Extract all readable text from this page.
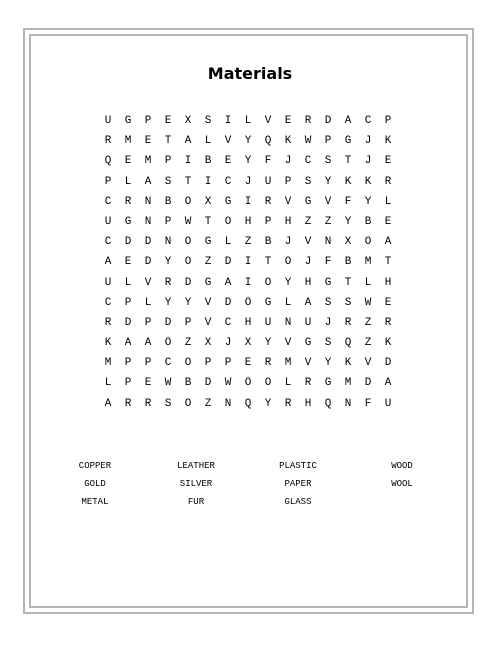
Materials
U	G	P	E	X	S	I	L	V	E	R	D	A	C	P
R	M	E	T	A	L	V	Y	Q	K	W	P	G	J	K
Q	E	M	P	I	B	E	Y	F	J	C	S	T	J	E
P	L	A	S	T	I	C	J	U	P	S	Y	K	K	R
C	R	N	B	O	X	G	I	R	V	G	V	F	Y	L
U	G	N	P	W	T	O	H	P	H	Z	Z	Y	B	E
C	D	D	N	O	G	L	Z	B	J	V	N	X	O	A
A	E	D	Y	O	Z	D	I	T	O	J	F	B	M	T
U	L	V	R	D	G	A	I	O	Y	H	G	T	L	H
C	P	L	Y	Y	V	D	O	G	L	A	S	S	W	E
R	D	P	D	P	V	C	H	U	N	U	J	R	Z	R
K	A	A	O	Z	X	J	X	Y	V	G	S	Q	Z	K
M	P	P	C	O	P	P	E	R	M	V	Y	K	V	D
L	P	E	W	B	D	W	O	O	L	R	G	M	D	A
A	R	R	S	O	Z	N	Q	Y	R	H	Q	N	F	U
COPPER	LEATHER	PLASTIC	WOOD
GOLD	SILVER	PAPER	WOOL
METAL	FUR	GLASS
